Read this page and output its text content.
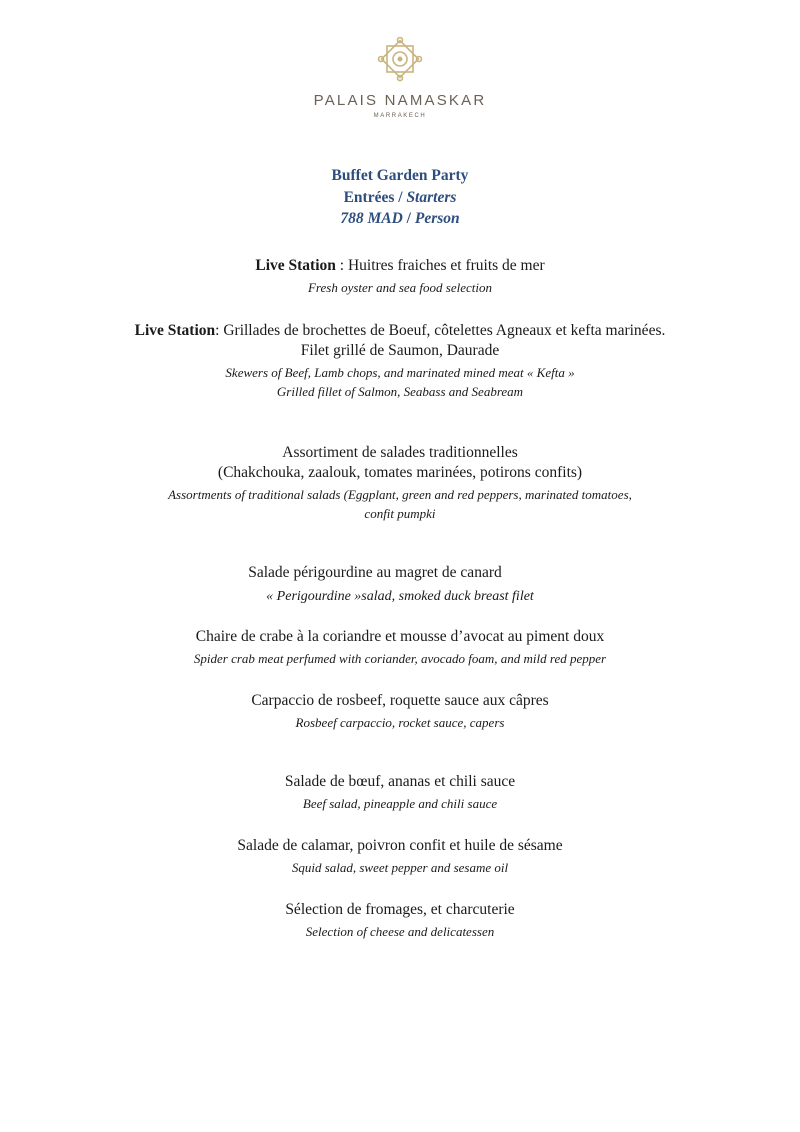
PALAIS NAMASKAR
MARRAKECH
Buffet Garden Party
Entrées / Starters
788 MAD / Person
Live Station : Huitres fraiches et fruits de mer
Fresh oyster and sea food selection
Live Station: Grillades de brochettes de Boeuf, côtelettes Agneaux et kefta marinées.
Filet grillé de Saumon, Daurade
Skewers of Beef, Lamb chops, and marinated mined meat « Kefta »
Grilled fillet of Salmon, Seabass and Seabream
Assortiment de salades traditionnelles
(Chakchouka, zaalouk, tomates marinées, potirons confits)
Assortments of traditional salads (Eggplant, green and red peppers, marinated tomatoes,
confit pumpki
Salade périgourdine au magret de canard
« Perigourdine »salad, smoked duck breast filet
Chaire de crabe à la coriandre et mousse d’avocat au piment doux
Spider crab meat perfumed with coriander, avocado foam, and mild red pepper
Carpaccio de rosbeef, roquette sauce aux câpres
Rosbeef carpaccio, rocket sauce, capers
Salade de bœuf, ananas et chili sauce
Beef salad, pineapple and chili sauce
Salade de calamar, poivron confit et huile de sésame
Squid salad, sweet pepper and sesame oil
Sélection de fromages, et charcuterie
Selection of cheese and delicatessen
